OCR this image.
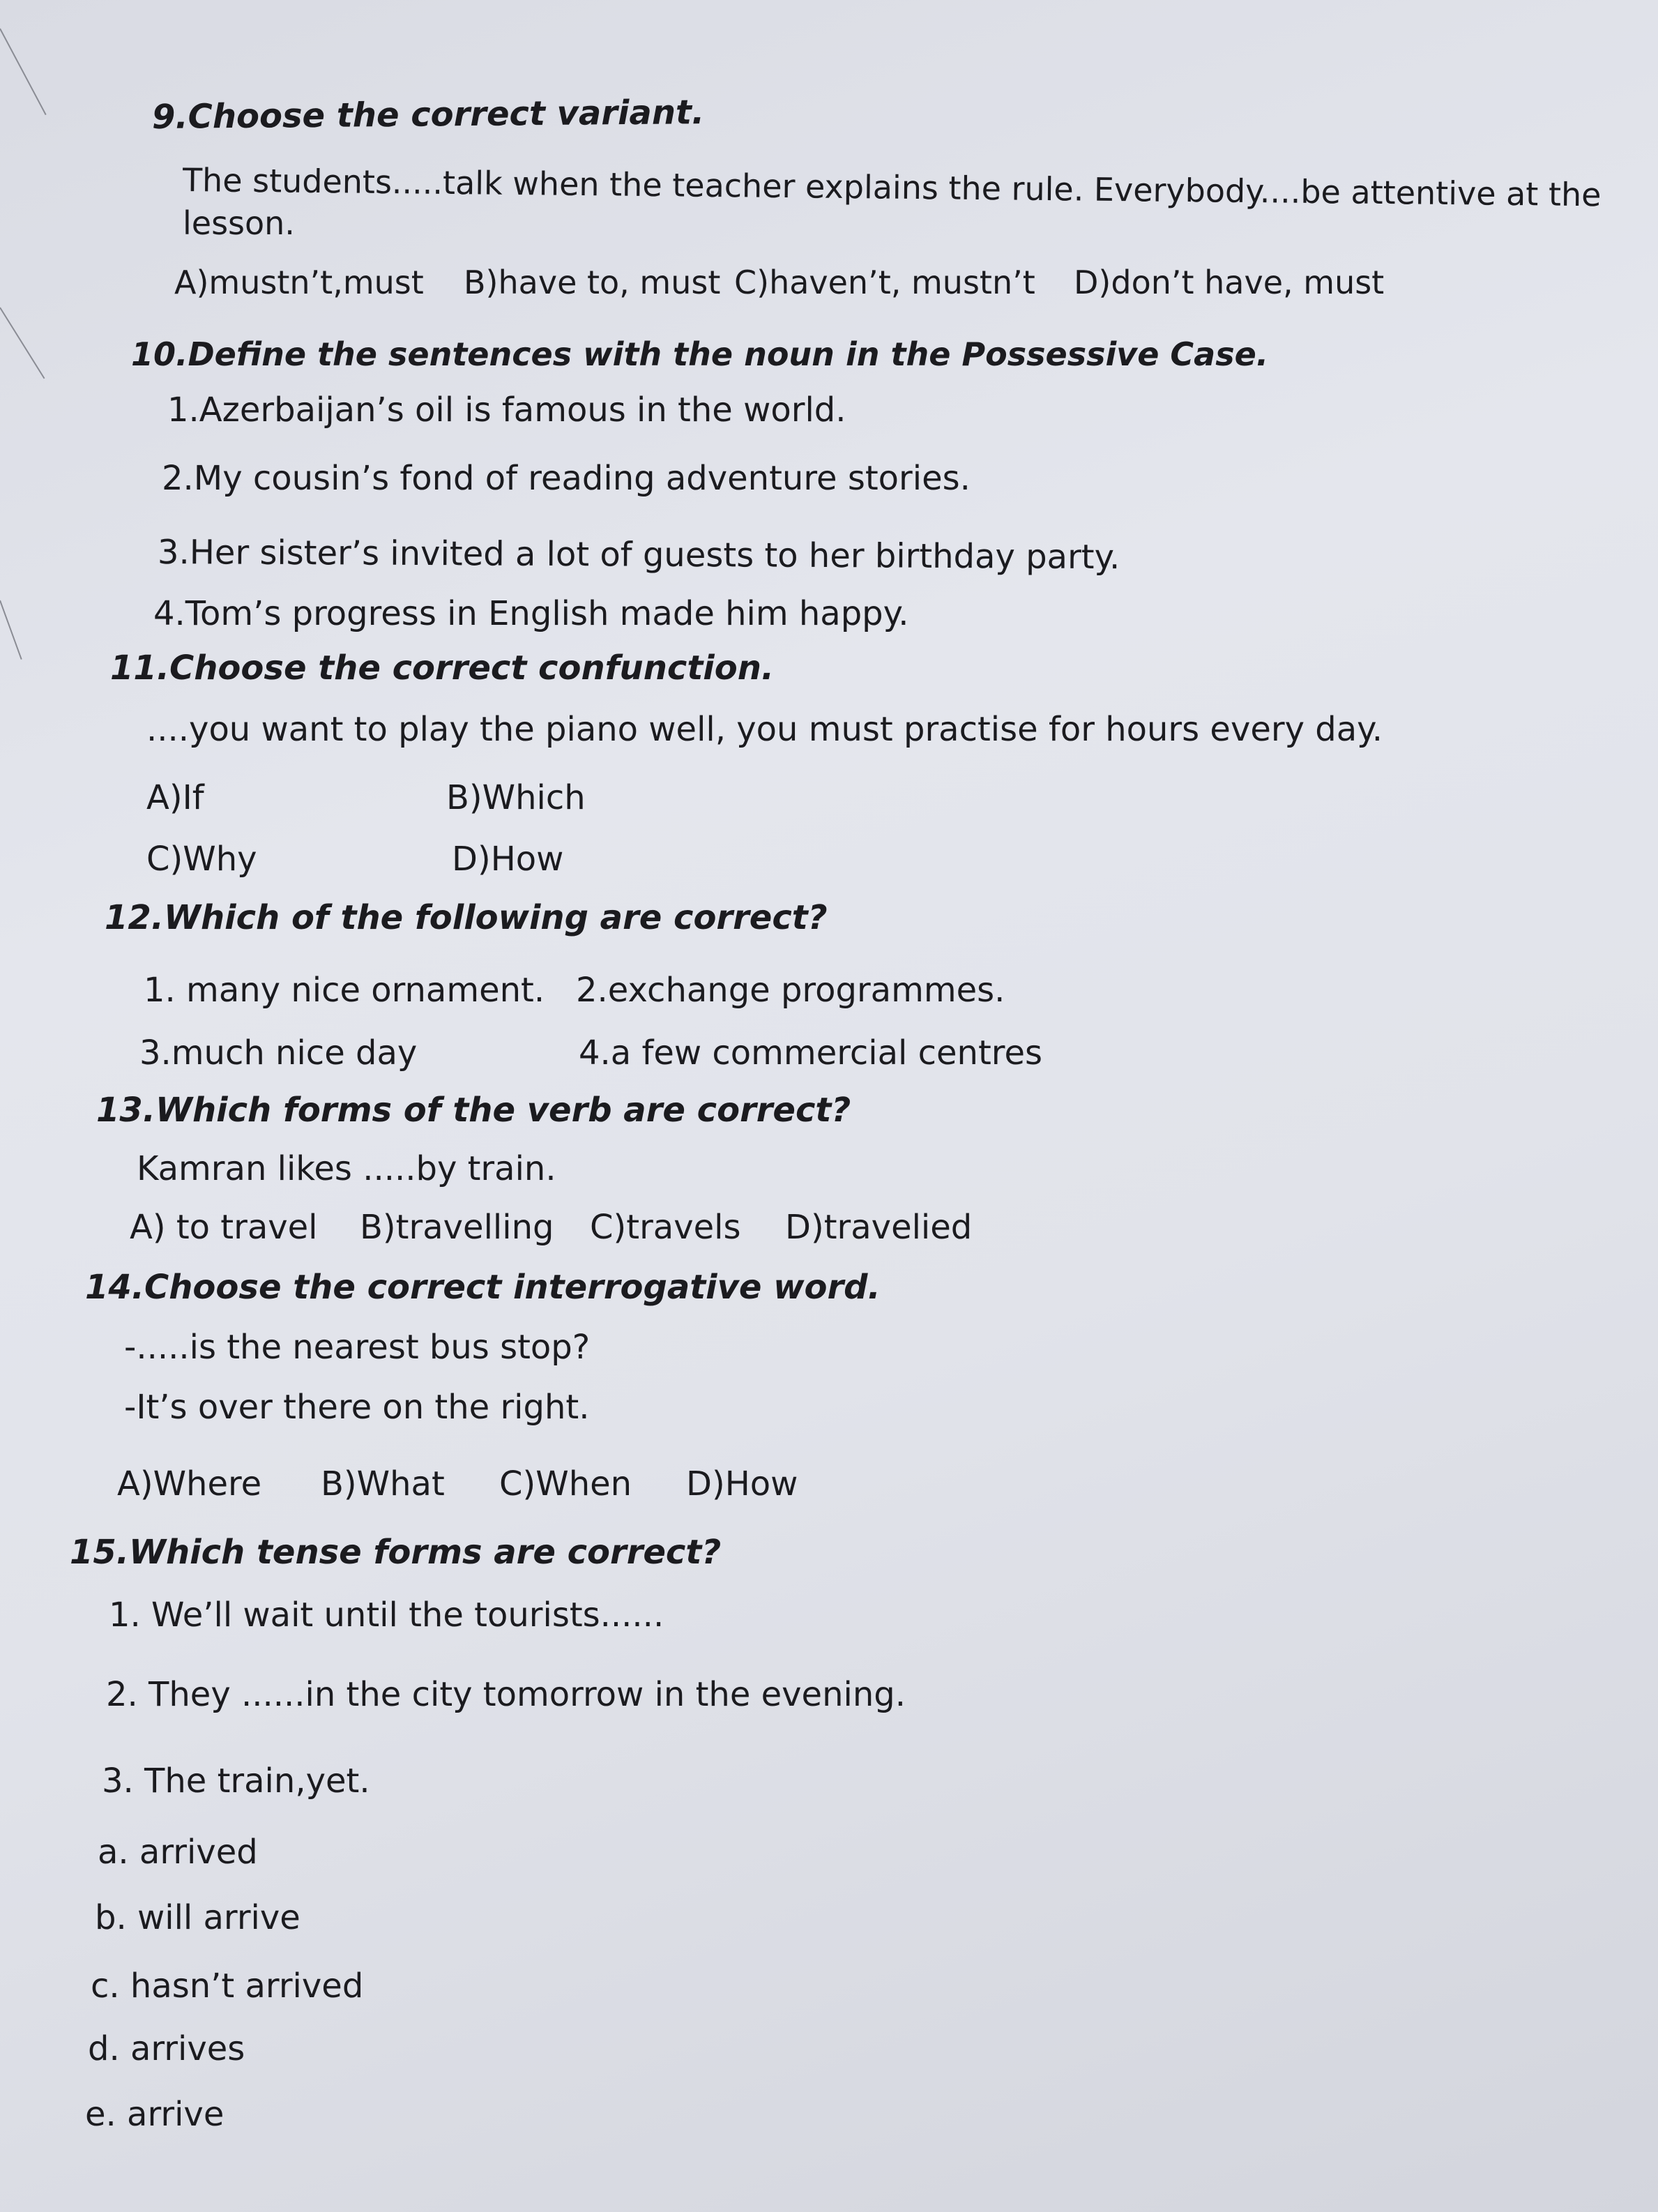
9.Choose the correct variant.
The students.....talk when the teacher explains the rule. Everybody....be attentive at the
lesson.
A)mustn’t,must B)have to, must C)haven’t, mustn’t D)don’t have, must
10.Define the sentences with the noun in the Possessive Case.
1.Azerbaijan’s oil is famous in the world.
2.My cousin’s fond of reading adventure stories.
3.Her sister’s invited a lot of guests to her birthday party.
4.Tom’s progress in English made him happy.
11.Choose the correct confunction.
....you want to play the piano well, you must practise for hours every day.
A)If	B)Which
C)Why	D)How
12.Which of the following are correct?
1. many nice ornament. 2.exchange programmes.
3.much nice day	4.a few commercial centres
13.Which forms of the verb are correct?
Kamran likes .....by train.
A) to travel B)travelling C)travels D)travelied
14.Choose the correct interrogative word.
-.....is the nearest bus stop?
-It’s over there on the right.
A)Where B)What C)When D)How
15.Which tense forms are correct?
1. We’ll wait until the tourists......
2. They ......in the city tomorrow in the evening.
3. The train,yet.
a. arrived
b. will arrive
c. hasn’t arrived
d. arrives
e. arrive
